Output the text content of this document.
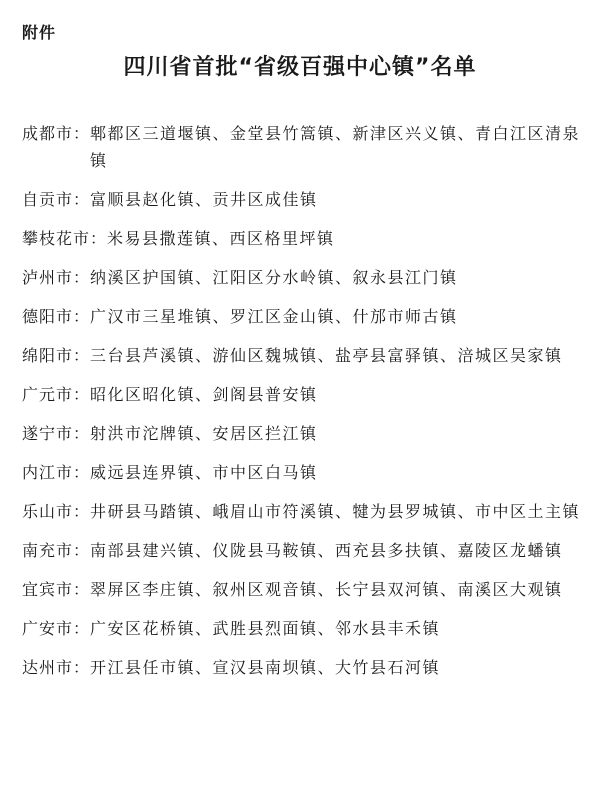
附件
四川省首批“省级百强中心镇”名单
成都市： 郫都区三道堰镇、金堂县竹篙镇、新津区兴义镇、青白江区清泉镇
自贡市： 富顺县赵化镇、贡井区成佳镇
攀枝花市： 米易县撒莲镇、西区格里坪镇
泸州市： 纳溪区护国镇、江阳区分水岭镇、叙永县江门镇
德阳市： 广汉市三星堆镇、罗江区金山镇、什邡市师古镇
绵阳市： 三台县芦溪镇、游仙区魏城镇、盐亭县富驿镇、涪城区吴家镇
广元市： 昭化区昭化镇、剑阁县普安镇
遂宁市： 射洪市沱牌镇、安居区拦江镇
内江市： 威远县连界镇、市中区白马镇
乐山市： 井研县马踏镇、峨眉山市符溪镇、犍为县罗城镇、市中区土主镇
南充市： 南部县建兴镇、仪陇县马鞍镇、西充县多扶镇、嘉陵区龙蟠镇
宜宾市： 翠屏区李庄镇、叙州区观音镇、长宁县双河镇、南溪区大观镇
广安市： 广安区花桥镇、武胜县烈面镇、邻水县丰禾镇
达州市： 开江县任市镇、宣汉县南坝镇、大竹县石河镇
